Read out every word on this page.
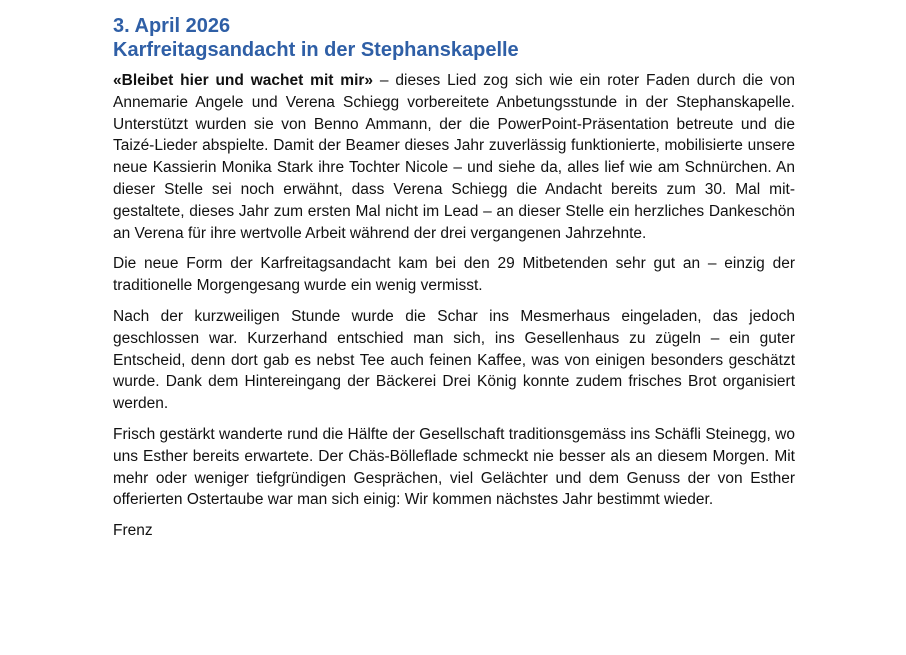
3. April 2026
Karfreitagsandacht in der Stephanskapelle

«Bleibet hier und wachet mit mir» – dieses Lied zog sich wie ein roter Faden durch die von Annemarie Angele und Verena Schiegg vorbereitete Anbetungsstunde in der Stephanskapelle. Unterstützt wurden sie von Benno Ammann, der die PowerPoint-Präsentation betreute und die Taizé-Lieder abspielte. Damit der Beamer dieses Jahr zuverlässig funktionierte, mobilisierte unsere neue Kassierin Monika Stark ihre Tochter Nicole – und siehe da, alles lief wie am Schnürchen. An dieser Stelle sei noch erwähnt, dass Verena Schiegg die Andacht bereits zum 30. Mal mitgestaltete, dieses Jahr zum ersten Mal nicht im Lead – an dieser Stelle ein herzliches Dankeschön an Verena für ihre wertvolle Arbeit während der drei vergangenen Jahrzehnte.

Die neue Form der Karfreitagsandacht kam bei den 29 Mitbetenden sehr gut an – einzig der traditionelle Morgengesang wurde ein wenig vermisst.

Nach der kurzweiligen Stunde wurde die Schar ins Mesmerhaus eingeladen, das jedoch geschlossen war. Kurzerhand entschied man sich, ins Gesellenhaus zu zügeln – ein guter Entscheid, denn dort gab es nebst Tee auch feinen Kaffee, was von einigen besonders geschätzt wurde. Dank dem Hintereingang der Bäckerei Drei König konnte zudem frisches Brot organisiert werden.

Frisch gestärkt wanderte rund die Hälfte der Gesellschaft traditionsgemäss ins Schäfli Steinegg, wo uns Esther bereits erwartete. Der Chäs-Bölleflade schmeckt nie besser als an diesem Morgen. Mit mehr oder weniger tiefgründigen Gesprächen, viel Gelächter und dem Genuss der von Esther offerierten Ostertaube war man sich einig: Wir kommen nächstes Jahr bestimmt wieder.

Frenz
